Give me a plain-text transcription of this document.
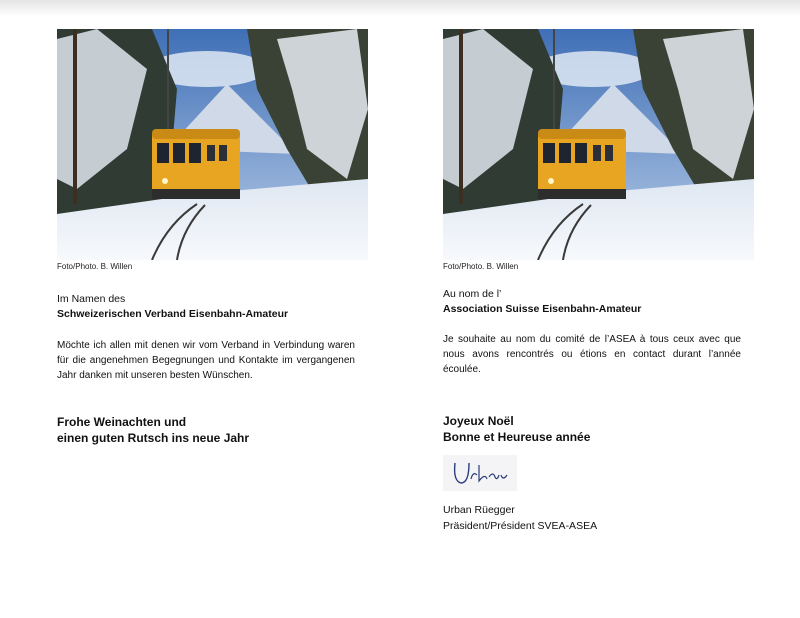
Foto/Photo. B. Willen
Im Namen des
Schweizerischen Verband Eisenbahn-Amateur
Möchte ich allen mit denen wir vom Verband in Verbindung waren für die angenehmen Begegnungen und Kontakte im vergangenen Jahr danken mit unseren besten Wünschen.
Frohe Weinachten und
einen guten Rutsch ins neue Jahr
Foto/Photo. B. Willen
Au nom de l’
Association Suisse Eisenbahn-Amateur
Je souhaite au nom du comité de l’ASEA à tous ceux avec que nous avons rencontrés ou étions en contact durant l’année écoulée.
Joyeux Noël
Bonne et Heureuse année
Urban Rüegger
Präsident/Président SVEA-ASEA
